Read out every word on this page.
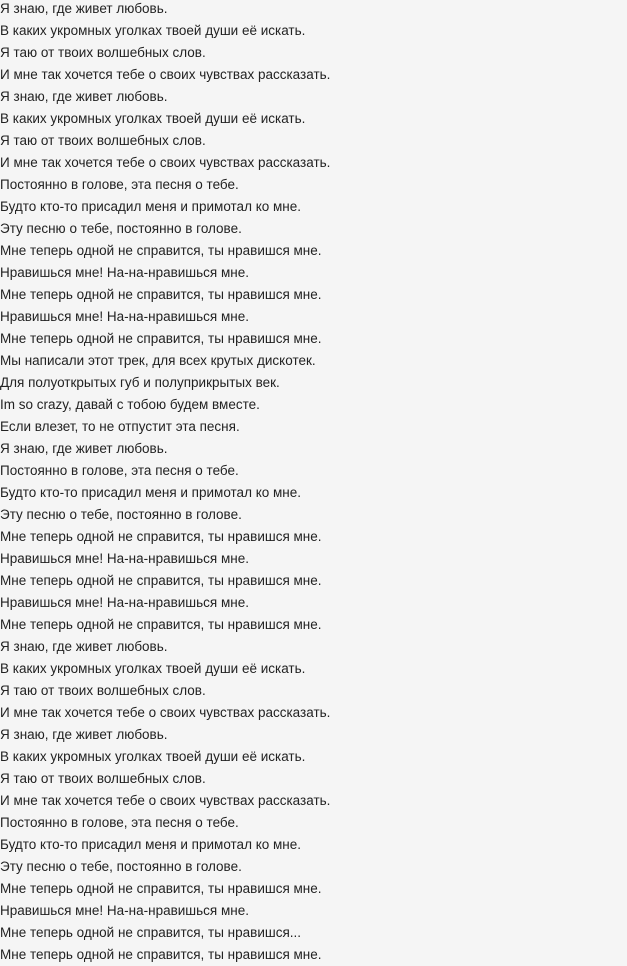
Я знаю, где живет любовь.
В каких укромных уголках твоей души её искать.
Я таю от твоих волшебных слов.
И мне так хочется тебе о своих чувствах рассказать.
Я знаю, где живет любовь.
В каких укромных уголках твоей души её искать.
Я таю от твоих волшебных слов.
И мне так хочется тебе о своих чувствах рассказать.
Постоянно в голове, эта песня о тебе.
Будто кто-то присадил меня и примотал ко мне.
Эту песню о тебе, постоянно в голове.
Мне теперь одной не справится, ты нравишся мне.
Нравишься мне! На-на-нравишься мне.
Мне теперь одной не справится, ты нравишся мне.
Нравишься мне! На-на-нравишься мне.
Мне теперь одной не справится, ты нравишся мне.
Мы написали этот трек, для всех крутых дискотек.
Для полуоткрытых губ и полуприкрытых век.
Im so crazy, давай с тобою будем вместе.
Если влезет, то не отпустит эта песня.
Я знаю, где живет любовь.
Постоянно в голове, эта песня о тебе.
Будто кто-то присадил меня и примотал ко мне.
Эту песню о тебе, постоянно в голове.
Мне теперь одной не справится, ты нравишся мне.
Нравишься мне! На-на-нравишься мне.
Мне теперь одной не справится, ты нравишся мне.
Нравишься мне! На-на-нравишься мне.
Мне теперь одной не справится, ты нравишся мне.
Я знаю, где живет любовь.
В каких укромных уголках твоей души её искать.
Я таю от твоих волшебных слов.
И мне так хочется тебе о своих чувствах рассказать.
Я знаю, где живет любовь.
В каких укромных уголках твоей души её искать.
Я таю от твоих волшебных слов.
И мне так хочется тебе о своих чувствах рассказать.
Постоянно в голове, эта песня о тебе.
Будто кто-то присадил меня и примотал ко мне.
Эту песню о тебе, постоянно в голове.
Мне теперь одной не справится, ты нравишся мне.
Нравишься мне! На-на-нравишься мне.
Мне теперь одной не справится, ты нравишся...
Мне теперь одной не справится, ты нравишся мне.
